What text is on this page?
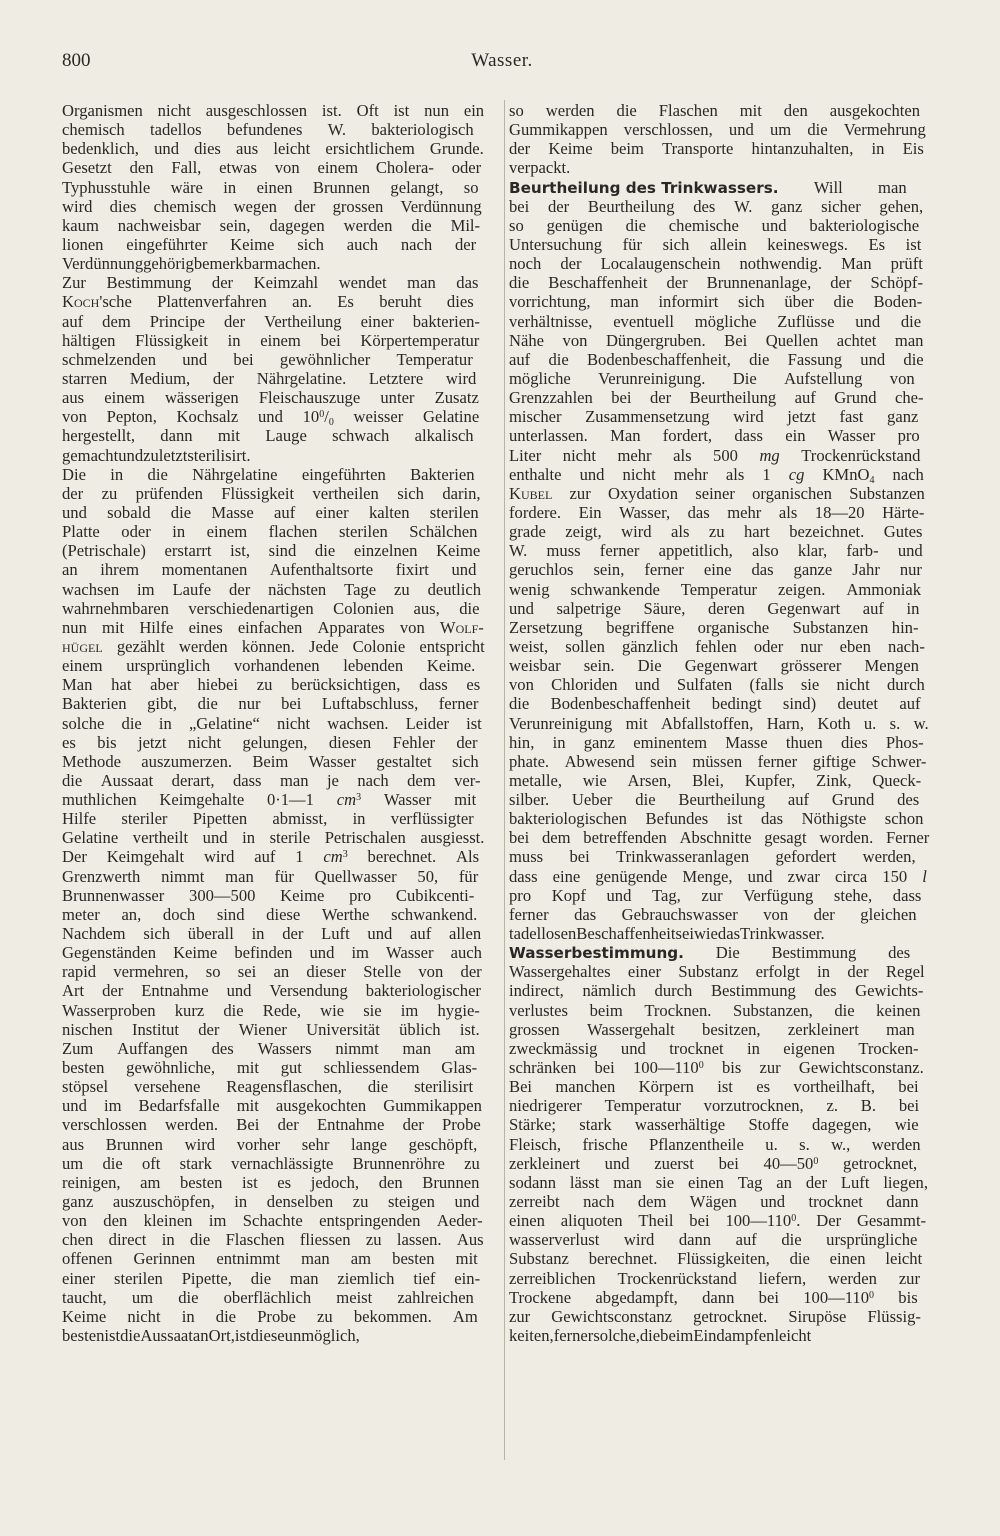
800	Wasser.
Organismen nicht ausgeschlossen ist. Oft ist nun ein
chemisch tadellos befundenes W. bakteriologisch
bedenklich, und dies aus leicht ersichtlichem Grunde.
Gesetzt den Fall, etwas von einem Cholera- oder
Typhusstuhle wäre in einen Brunnen gelangt, so
wird dies chemisch wegen der grossen Verdünnung
kaum nachweisbar sein, dagegen werden die Mil-
lionen eingeführter Keime sich auch nach der
Verdünnung gehörig bemerkbar machen.
Zur Bestimmung der Keimzahl wendet man das
Koch'sche Plattenverfahren an. Es beruht dies
auf dem Principe der Vertheilung einer bakterien-
hältigen Flüssigkeit in einem bei Körpertemperatur
schmelzenden und bei gewöhnlicher Temperatur
starren Medium, der Nährgelatine. Letztere wird
aus einem wässerigen Fleischauszuge unter Zusatz
von Pepton, Kochsalz und $10^0/_0$ weisser Gelatine
hergestellt, dann mit Lauge schwach alkalisch
gemacht und zuletzt sterilisirt.
Die in die Nährgelatine eingeführten Bakterien
der zu prüfenden Flüssigkeit vertheilen sich darin,
und sobald die Masse auf einer kalten sterilen
Platte oder in einem flachen sterilen Schälchen
(Petrischale) erstarrt ist, sind die einzelnen Keime
an ihrem momentanen Aufenthaltsorte fixirt und
wachsen im Laufe der nächsten Tage zu deutlich
wahrnehmbaren verschiedenartigen Colonien aus, die
nun mit Hilfe eines einfachen Apparates von Wolf-
hügel gezählt werden können. Jede Colonie entspricht
einem ursprünglich vorhandenen lebenden Keime.
Man hat aber hiebei zu berücksichtigen, dass es
Bakterien gibt, die nur bei Luftabschluss, ferner
solche die in „Gelatine“ nicht wachsen. Leider ist
es bis jetzt nicht gelungen, diesen Fehler der
Methode auszumerzen. Beim Wasser gestaltet sich
die Aussaat derart, dass man je nach dem ver-
muthlichen Keimgehalte 0·1—1 $cm^3$ Wasser mit
Hilfe steriler Pipetten abmisst, in verflüssigter
Gelatine vertheilt und in sterile Petrischalen ausgiesst.
Der Keimgehalt wird auf 1 $cm^3$ berechnet. Als
Grenzwerth nimmt man für Quellwasser 50, für
Brunnenwasser 300—500 Keime pro Cubikcenti-
meter an, doch sind diese Werthe schwankend.
Nachdem sich überall in der Luft und auf allen
Gegenständen Keime befinden und im Wasser auch
rapid vermehren, so sei an dieser Stelle von der
Art der Entnahme und Versendung bakteriologischer
Wasserproben kurz die Rede, wie sie im hygie-
nischen Institut der Wiener Universität üblich ist.
Zum Auffangen des Wassers nimmt man am
besten gewöhnliche, mit gut schliessendem Glas-
stöpsel versehene Reagensflaschen, die sterilisirt
und im Bedarfsfalle mit ausgekochten Gummikappen
verschlossen werden. Bei der Entnahme der Probe
aus Brunnen wird vorher sehr lange geschöpft,
um die oft stark vernachlässigte Brunnenröhre zu
reinigen, am besten ist es jedoch, den Brunnen
ganz auszuschöpfen, in denselben zu steigen und
von den kleinen im Schachte entspringenden Aeder-
chen direct in die Flaschen fliessen zu lassen. Aus
offenen Gerinnen entnimmt man am besten mit
einer sterilen Pipette, die man ziemlich tief ein-
taucht, um die oberflächlich meist zahlreichen
Keime nicht in die Probe zu bekommen. Am
besten ist die Aussaat an Ort, ist diese unmöglich,
so werden die Flaschen mit den ausgekochten
Gummikappen verschlossen, und um die Vermehrung
der Keime beim Transporte hintanzuhalten, in Eis
verpackt.
Beurtheilung des Trinkwassers. Will man
bei der Beurtheilung des W. ganz sicher gehen,
so genügen die chemische und bakteriologische
Untersuchung für sich allein keineswegs. Es ist
noch der Localaugenschein nothwendig. Man prüft
die Beschaffenheit der Brunnenanlage, der Schöpf-
vorrichtung, man informirt sich über die Boden-
verhältnisse, eventuell mögliche Zuflüsse und die
Nähe von Düngergruben. Bei Quellen achtet man
auf die Bodenbeschaffenheit, die Fassung und die
mögliche Verunreinigung. Die Aufstellung von
Grenzzahlen bei der Beurtheilung auf Grund che-
mischer Zusammensetzung wird jetzt fast ganz
unterlassen. Man fordert, dass ein Wasser pro
Liter nicht mehr als 500 mg Trockenrückstand
enthalte und nicht mehr als 1 cg KMnO$_4$ nach
Kubel zur Oxydation seiner organischen Substanzen
fordere. Ein Wasser, das mehr als 18—20 Härte-
grade zeigt, wird als zu hart bezeichnet. Gutes
W. muss ferner appetitlich, also klar, farb- und
geruchlos sein, ferner eine das ganze Jahr nur
wenig schwankende Temperatur zeigen. Ammoniak
und salpetrige Säure, deren Gegenwart auf in
Zersetzung begriffene organische Substanzen hin-
weist, sollen gänzlich fehlen oder nur eben nach-
weisbar sein. Die Gegenwart grösserer Mengen
von Chloriden und Sulfaten (falls sie nicht durch
die Bodenbeschaffenheit bedingt sind) deutet auf
Verunreinigung mit Abfallstoffen, Harn, Koth u. s. w.
hin, in ganz eminentem Masse thuen dies Phos-
phate. Abwesend sein müssen ferner giftige Schwer-
metalle, wie Arsen, Blei, Kupfer, Zink, Queck-
silber. Ueber die Beurtheilung auf Grund des
bakteriologischen Befundes ist das Nöthigste schon
bei dem betreffenden Abschnitte gesagt worden. Ferner
muss bei Trinkwasseranlagen gefordert werden,
dass eine genügende Menge, und zwar circa 150 l
pro Kopf und Tag, zur Verfügung stehe, dass
ferner das Gebrauchswasser von der gleichen
tadellosen Beschaffenheit sei wie das Trinkwasser.
Wasserbestimmung. Die Bestimmung des
Wassergehaltes einer Substanz erfolgt in der Regel
indirect, nämlich durch Bestimmung des Gewichts-
verlustes beim Trocknen. Substanzen, die keinen
grossen Wassergehalt besitzen, zerkleinert man
zweckmässig und trocknet in eigenen Trocken-
schränken bei $100—110^0$ bis zur Gewichtsconstanz.
Bei manchen Körpern ist es vortheilhaft, bei
niedrigerer Temperatur vorzutrocknen, z. B. bei
Stärke; stark wasserhältige Stoffe dagegen, wie
Fleisch, frische Pflanzentheile u. s. w., werden
zerkleinert und zuerst bei $40—50^0$ getrocknet,
sodann lässt man sie einen Tag an der Luft liegen,
zerreibt nach dem Wägen und trocknet dann
einen aliquoten Theil bei $100—110^0$. Der Gesammt-
wasserverlust wird dann auf die ursprüngliche
Substanz berechnet. Flüssigkeiten, die einen leicht
zerreiblichen Trockenrückstand liefern, werden zur
Trockene abgedampft, dann bei $100—110^0$ bis
zur Gewichtsconstanz getrocknet. Sirupöse Flüssig-
keiten, ferner solche, die beim Eindampfen leicht
